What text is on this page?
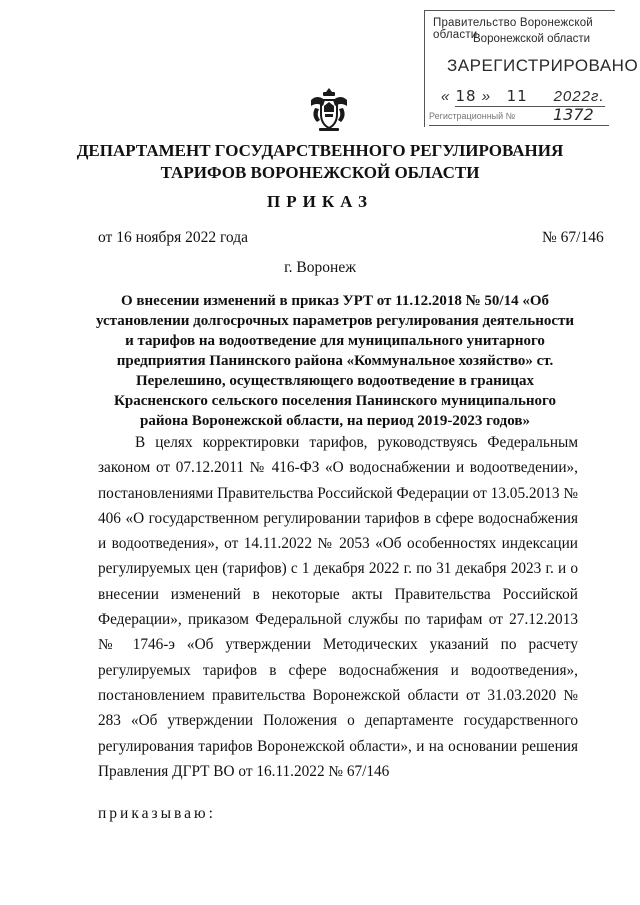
Правительство Воронежской области
Воронежской области
ЗАРЕГИСТРИРОВАНО
« 18 » 11 2022г.
Регистрационный № 1372
ДЕПАРТАМЕНТ ГОСУДАРСТВЕННОГО РЕГУЛИРОВАНИЯ
ТАРИФОВ ВОРОНЕЖСКОЙ ОБЛАСТИ
ПРИКАЗ
от 16 ноября 2022 года	№ 67/146
г. Воронеж
О внесении изменений в приказ УРТ от 11.12.2018 № 50/14 «Об установлении долгосрочных параметров регулирования деятельности и тарифов на водоотведение для муниципального унитарного предприятия Панинского района «Коммунальное хозяйство» ст. Перелешино, осуществляющего водоотведение в границах Красненского сельского поселения Панинского муниципального района Воронежской области, на период 2019-2023 годов»
В целях корректировки тарифов, руководствуясь Федеральным законом от 07.12.2011 № 416-ФЗ «О водоснабжении и водоотведении», постановлениями Правительства Российской Федерации от 13.05.2013 № 406 «О государственном регулировании тарифов в сфере водоснабжения и водоотведения», от 14.11.2022 № 2053 «Об особенностях индексации регулируемых цен (тарифов) с 1 декабря 2022 г. по 31 декабря 2023 г. и о внесении изменений в некоторые акты Правительства Российской Федерации», приказом Федеральной службы по тарифам от 27.12.2013 № 1746-э «Об утверждении Методических указаний по расчету регулируемых тарифов в сфере водоснабжения и водоотведения», постановлением правительства Воронежской области от 31.03.2020 № 283 «Об утверждении Положения о департаменте государственного регулирования тарифов Воронежской области», и на основании решения Правления ДГРТ ВО от 16.11.2022 № 67/146
приказываю:
